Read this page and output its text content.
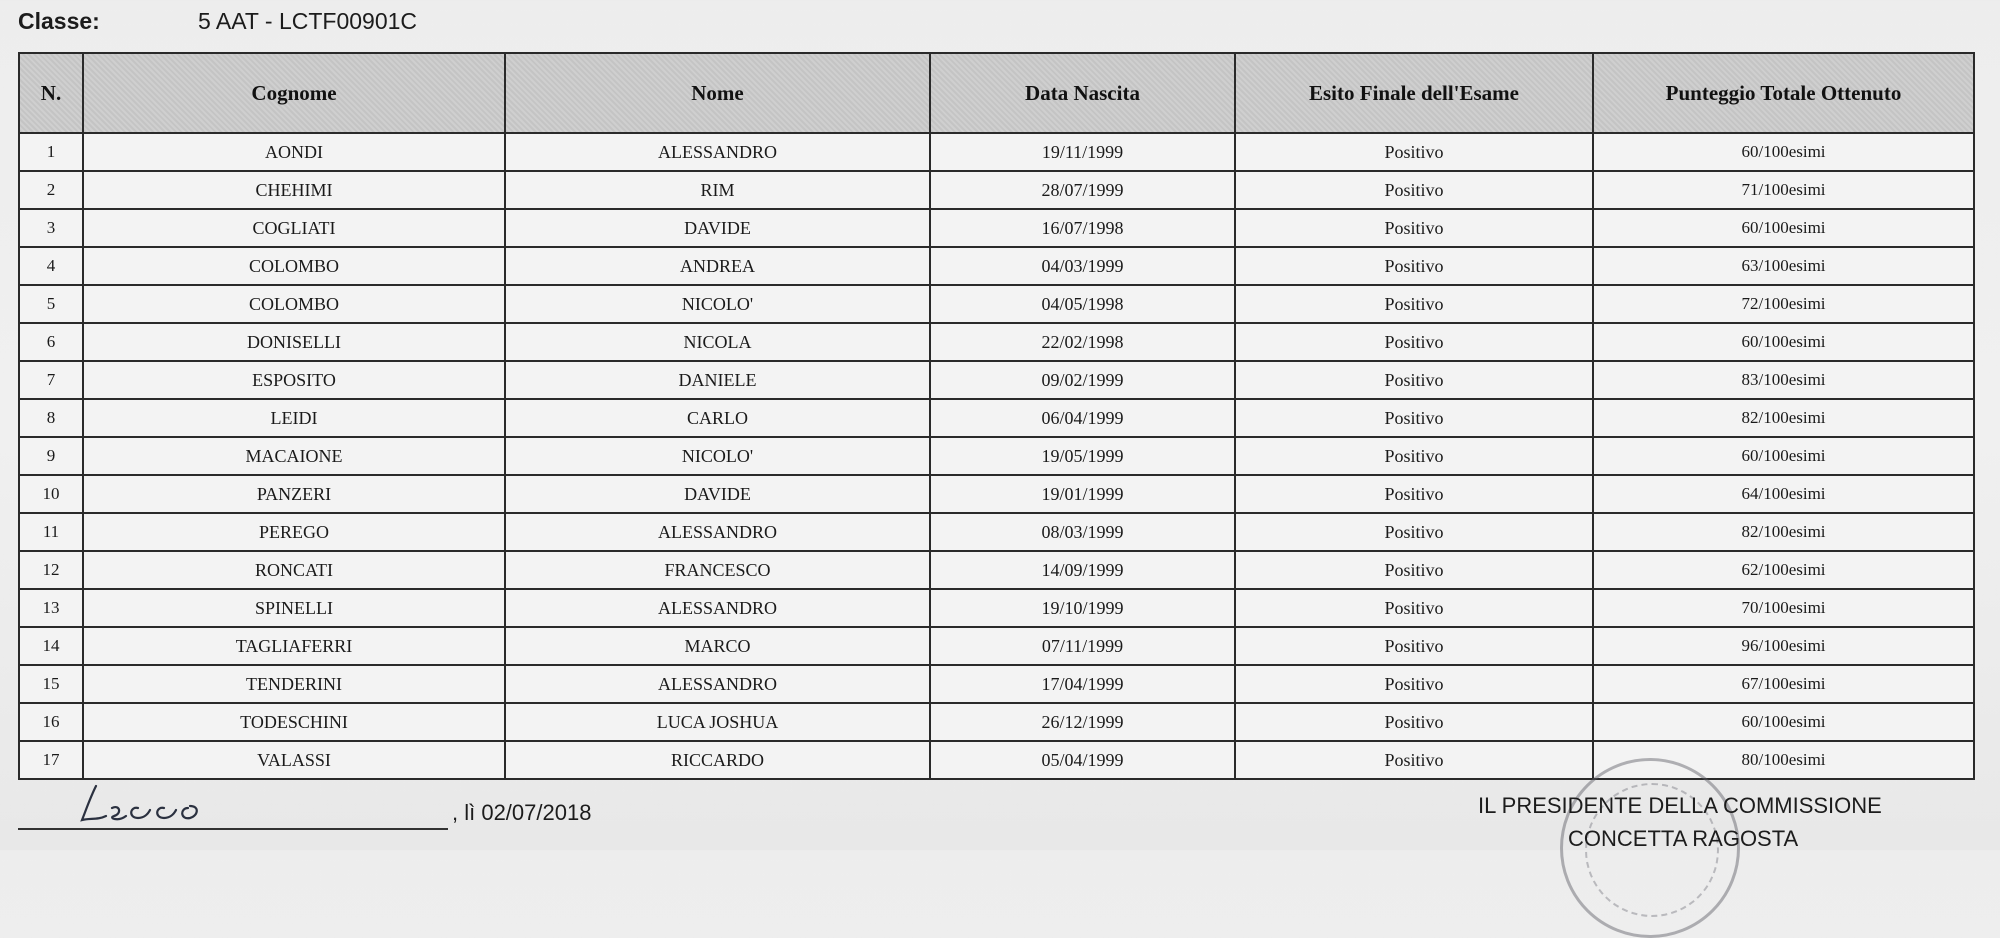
Classe:	5 AAT - LCTF00901C
N.	Cognome	Nome	Data Nascita	Esito Finale dell'Esame	Punteggio Totale Ottenuto
1	AONDI	ALESSANDRO	19/11/1999	Positivo	60/100esimi
2	CHEHIMI	RIM	28/07/1999	Positivo	71/100esimi
3	COGLIATI	DAVIDE	16/07/1998	Positivo	60/100esimi
4	COLOMBO	ANDREA	04/03/1999	Positivo	63/100esimi
5	COLOMBO	NICOLO'	04/05/1998	Positivo	72/100esimi
6	DONISELLI	NICOLA	22/02/1998	Positivo	60/100esimi
7	ESPOSITO	DANIELE	09/02/1999	Positivo	83/100esimi
8	LEIDI	CARLO	06/04/1999	Positivo	82/100esimi
9	MACAIONE	NICOLO'	19/05/1999	Positivo	60/100esimi
10	PANZERI	DAVIDE	19/01/1999	Positivo	64/100esimi
11	PEREGO	ALESSANDRO	08/03/1999	Positivo	82/100esimi
12	RONCATI	FRANCESCO	14/09/1999	Positivo	62/100esimi
13	SPINELLI	ALESSANDRO	19/10/1999	Positivo	70/100esimi
14	TAGLIAFERRI	MARCO	07/11/1999	Positivo	96/100esimi
15	TENDERINI	ALESSANDRO	17/04/1999	Positivo	67/100esimi
16	TODESCHINI	LUCA JOSHUA	26/12/1999	Positivo	60/100esimi
17	VALASSI	RICCARDO	05/04/1999	Positivo	80/100esimi
, lì 02/07/2018	IL PRESIDENTE DELLA COMMISSIONE
CONCETTA RAGOSTA
